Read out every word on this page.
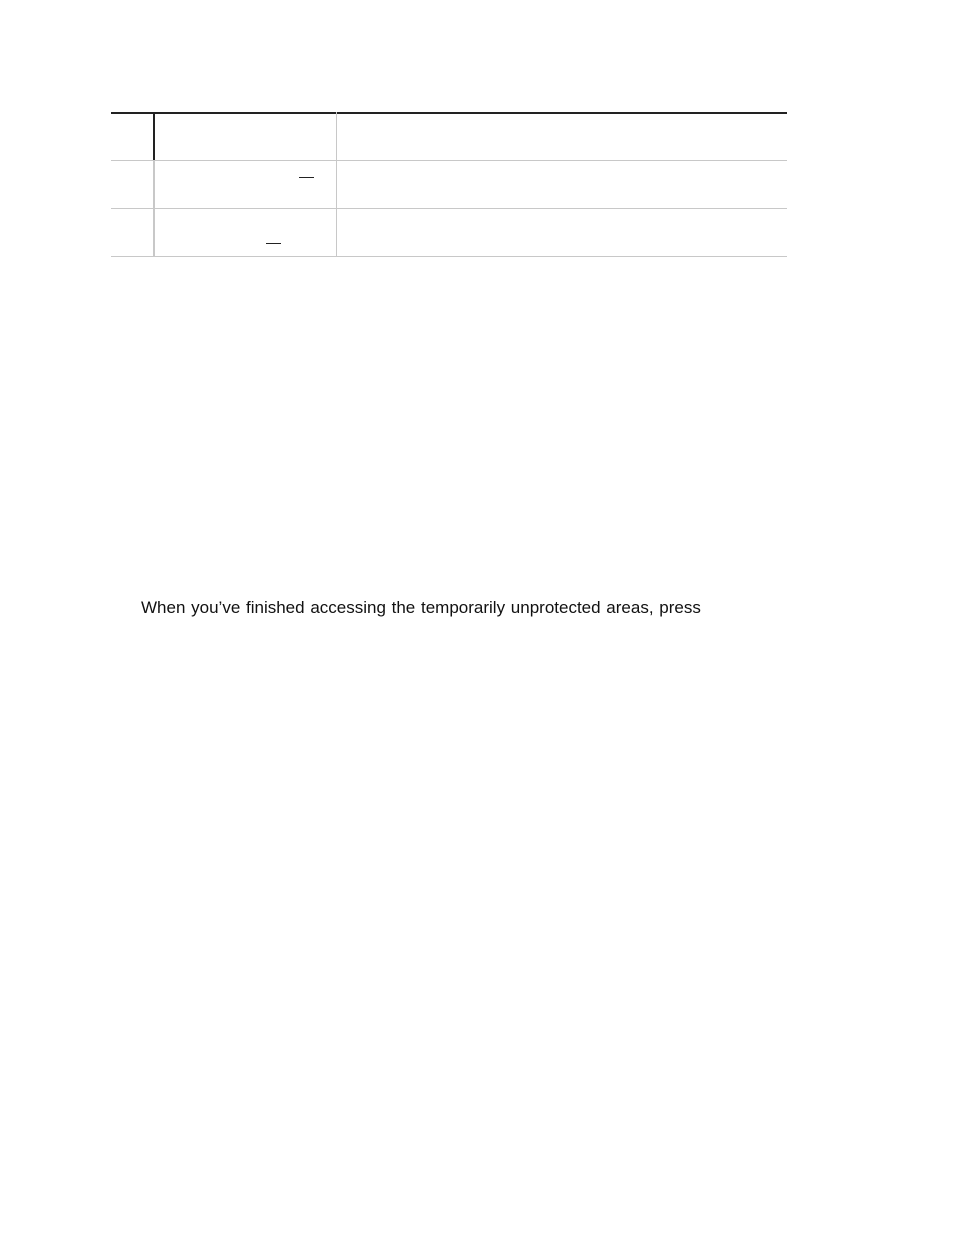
When you’ve finished accessing the temporarily unprotected areas, press
